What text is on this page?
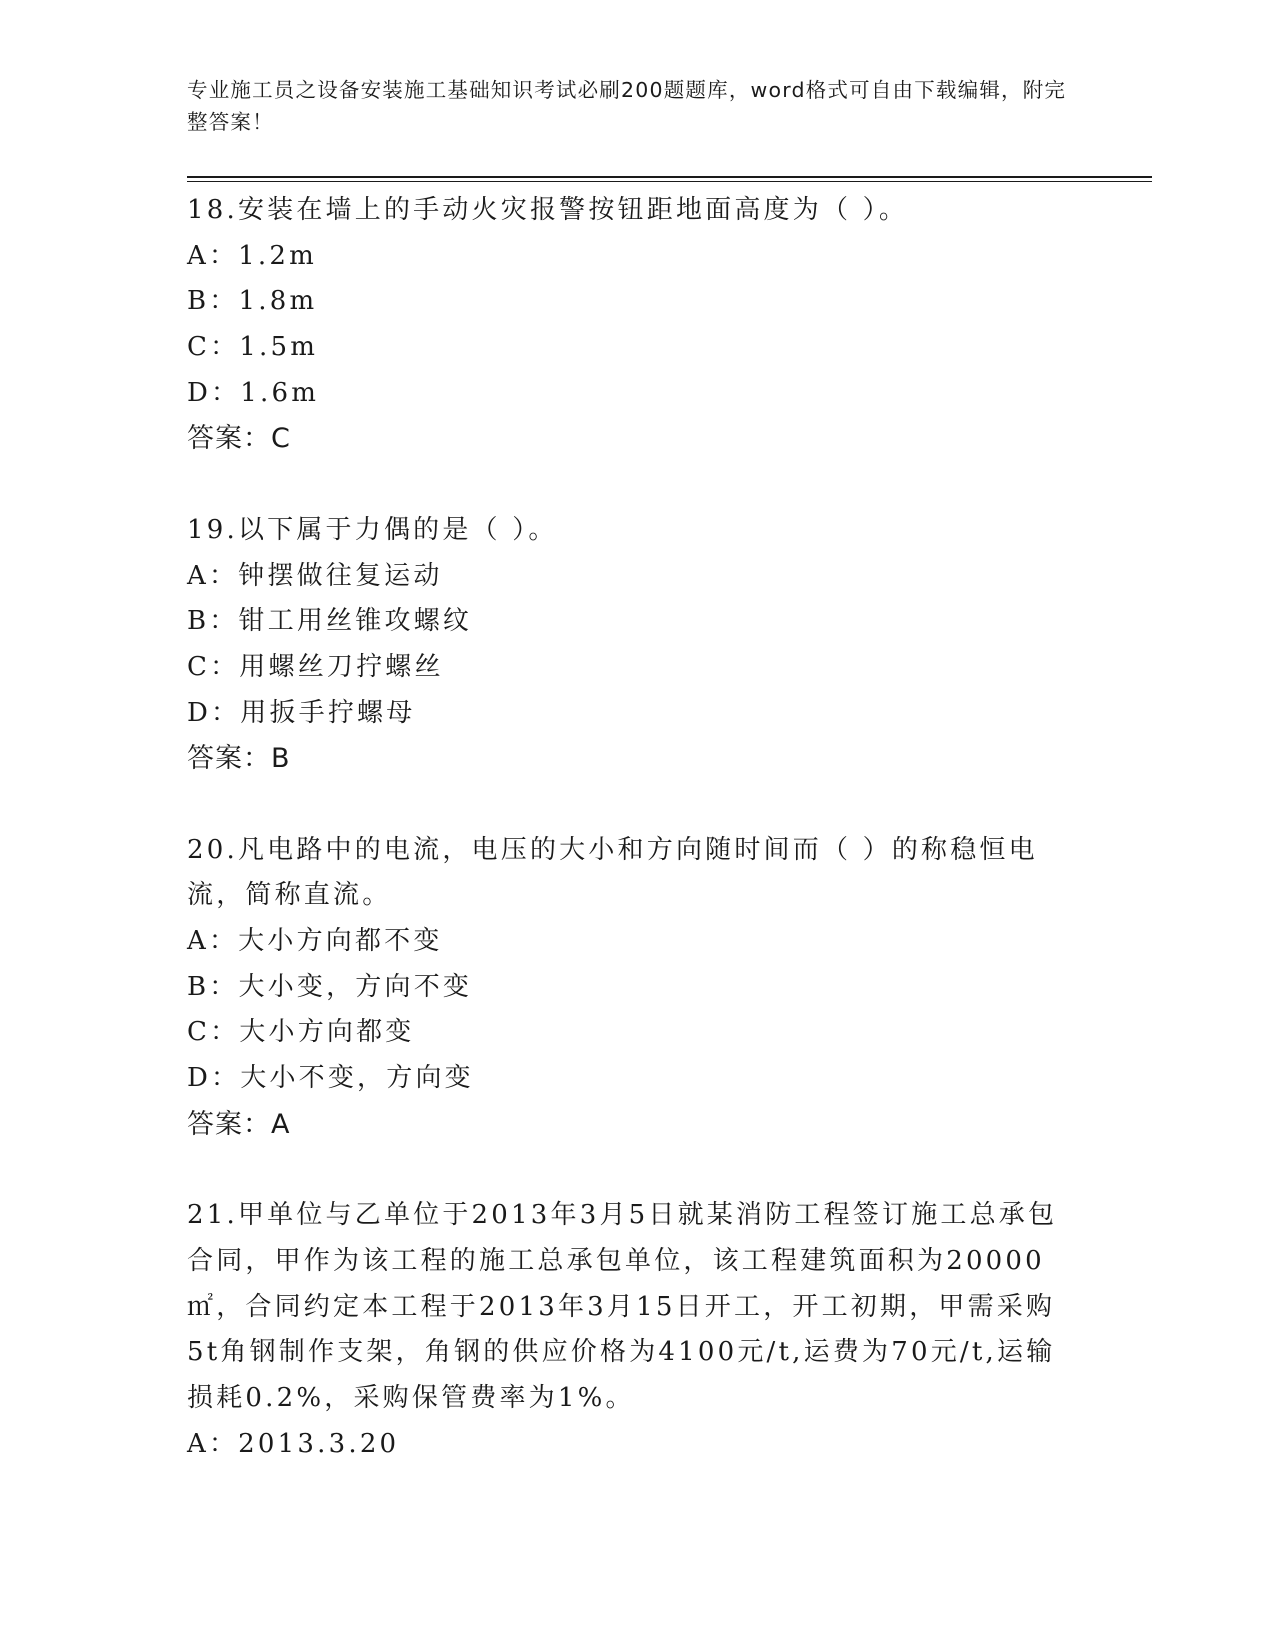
专业施工员之设备安装施工基础知识考试必刷200题题库，word格式可自由下载编辑，附完整答案！
18.安装在墙上的手动火灾报警按钮距地面高度为（ ）。
A：1.2m
B：1.8m
C：1.5m
D：1.6m
答案：C
19.以下属于力偶的是（ ）。
A：钟摆做往复运动
B：钳工用丝锥攻螺纹
C：用螺丝刀拧螺丝
D：用扳手拧螺母
答案：B
20.凡电路中的电流，电压的大小和方向随时间而（ ）的称稳恒电流，简称直流。
A：大小方向都不变
B：大小变，方向不变
C：大小方向都变
D：大小不变，方向变
答案：A
21.甲单位与乙单位于2013年3月5日就某消防工程签订施工总承包合同，甲作为该工程的施工总承包单位，该工程建筑面积为20000㎡，合同约定本工程于2013年3月15日开工，开工初期，甲需采购5t角钢制作支架，角钢的供应价格为4100元/t,运费为70元/t,运输损耗0.2%，采购保管费率为1%。
A：2013.3.20
